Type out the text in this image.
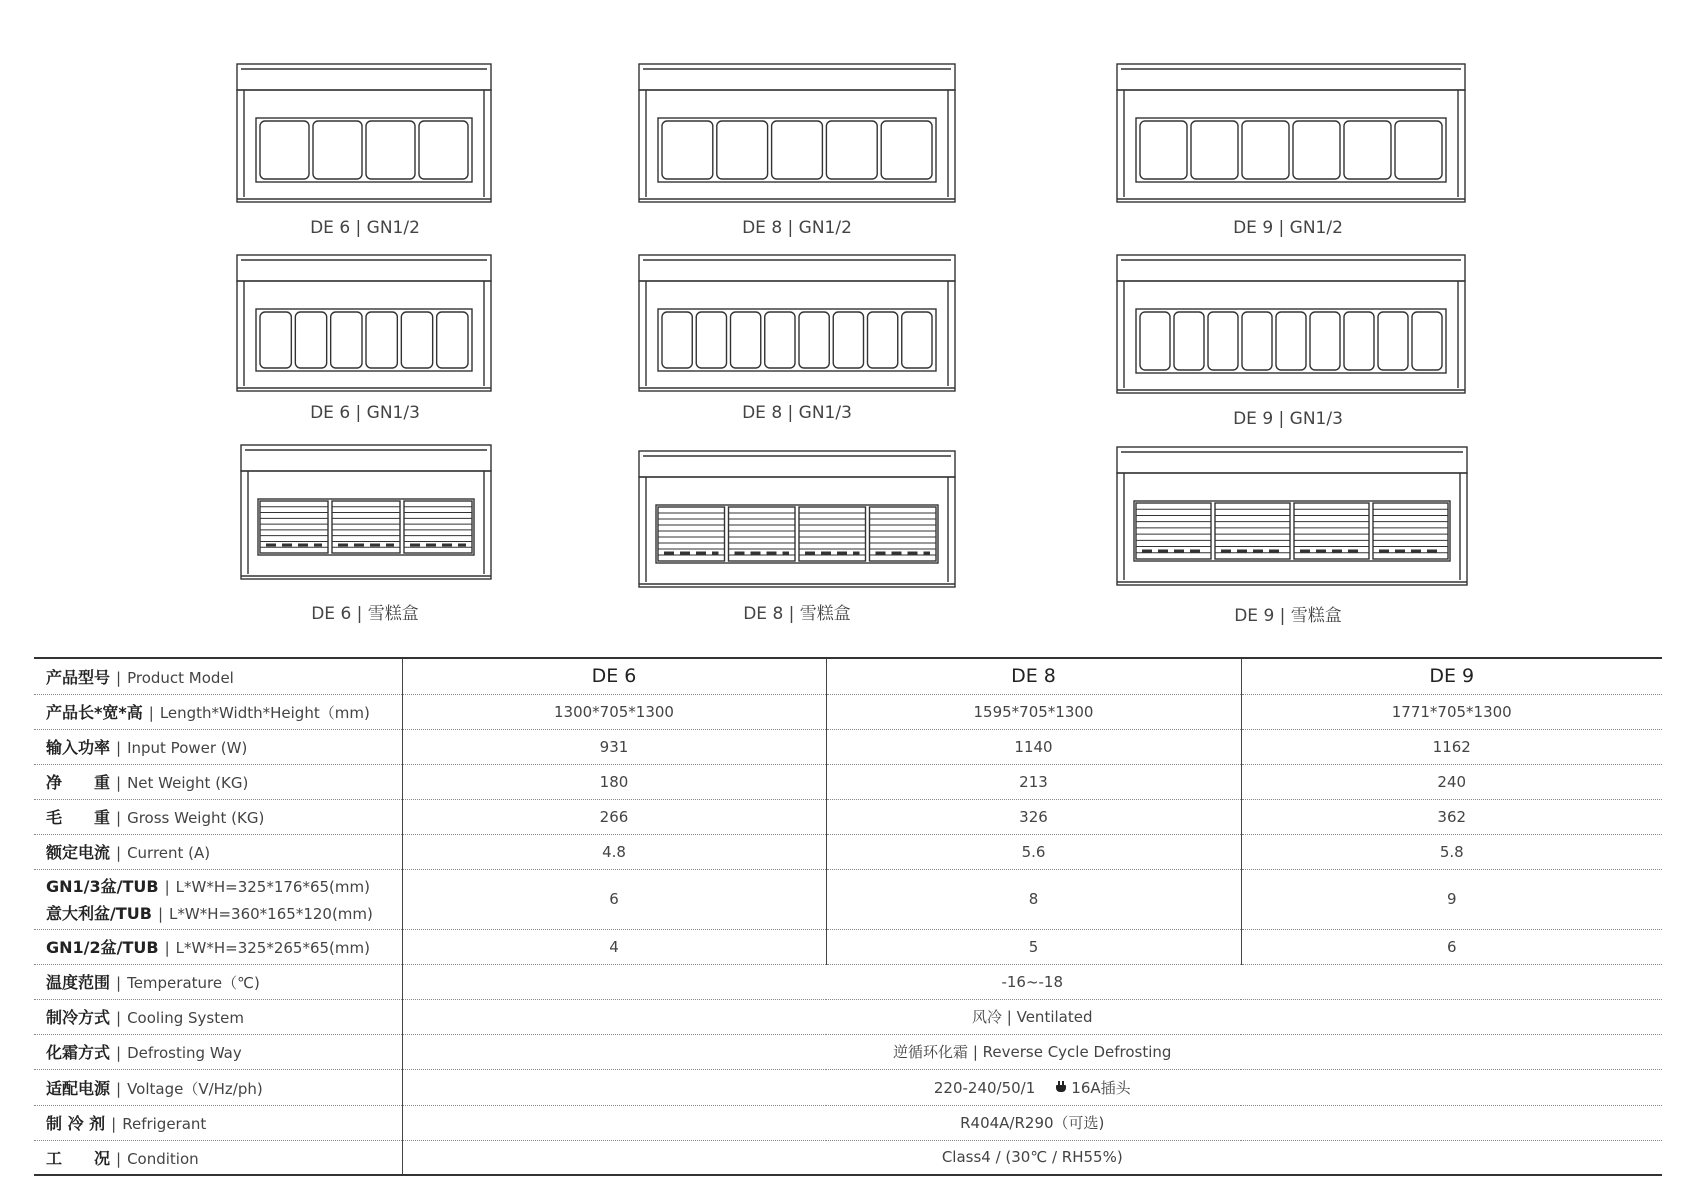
DE 6 | GN1/2	DE 8 | GN1/2	DE 9 | GN1/2
DE 6 | GN1/3	DE 8 | GN1/3	DE 9 | GN1/3
DE 6 | 雪糕盒	DE 8 | 雪糕盒	DE 9 | 雪糕盒
产品型号 | Product Model	DE 6	DE 8	DE 9
产品长*宽*高 | Length*Width*Height（mm)	1300*705*1300	1595*705*1300	1771*705*1300
输入功率 | Input Power (W)	931	1140	1162
净　　重 | Net Weight (KG)	180	213	240
毛　　重 | Gross Weight (KG)	266	326	362
额定电流 | Current (A)	4.8	5.6	5.8

GN1/3盆/TUB | L*W*H=325*176*65(mm)
意大利盆/TUB | L*W*H=360*165*120(mm)	6	8	9
GN1/2盆/TUB | L*W*H=325*265*65(mm)	4	5	6
温度范围 | Temperature（℃)	-16~-18		
制冷方式 | Cooling System	风冷 | Ventilated		
化霜方式 | Defrosting Way	逆循环化霜 | Reverse Cycle Defrosting		
适配电源 | Voltage（V/Hz/ph)	220-240/50/1 16A插头		
制 冷 剂 | Refrigerant	R404A/R290（可选)		
工　　况 | Condition	Class4 / (30℃ / RH55%)		
